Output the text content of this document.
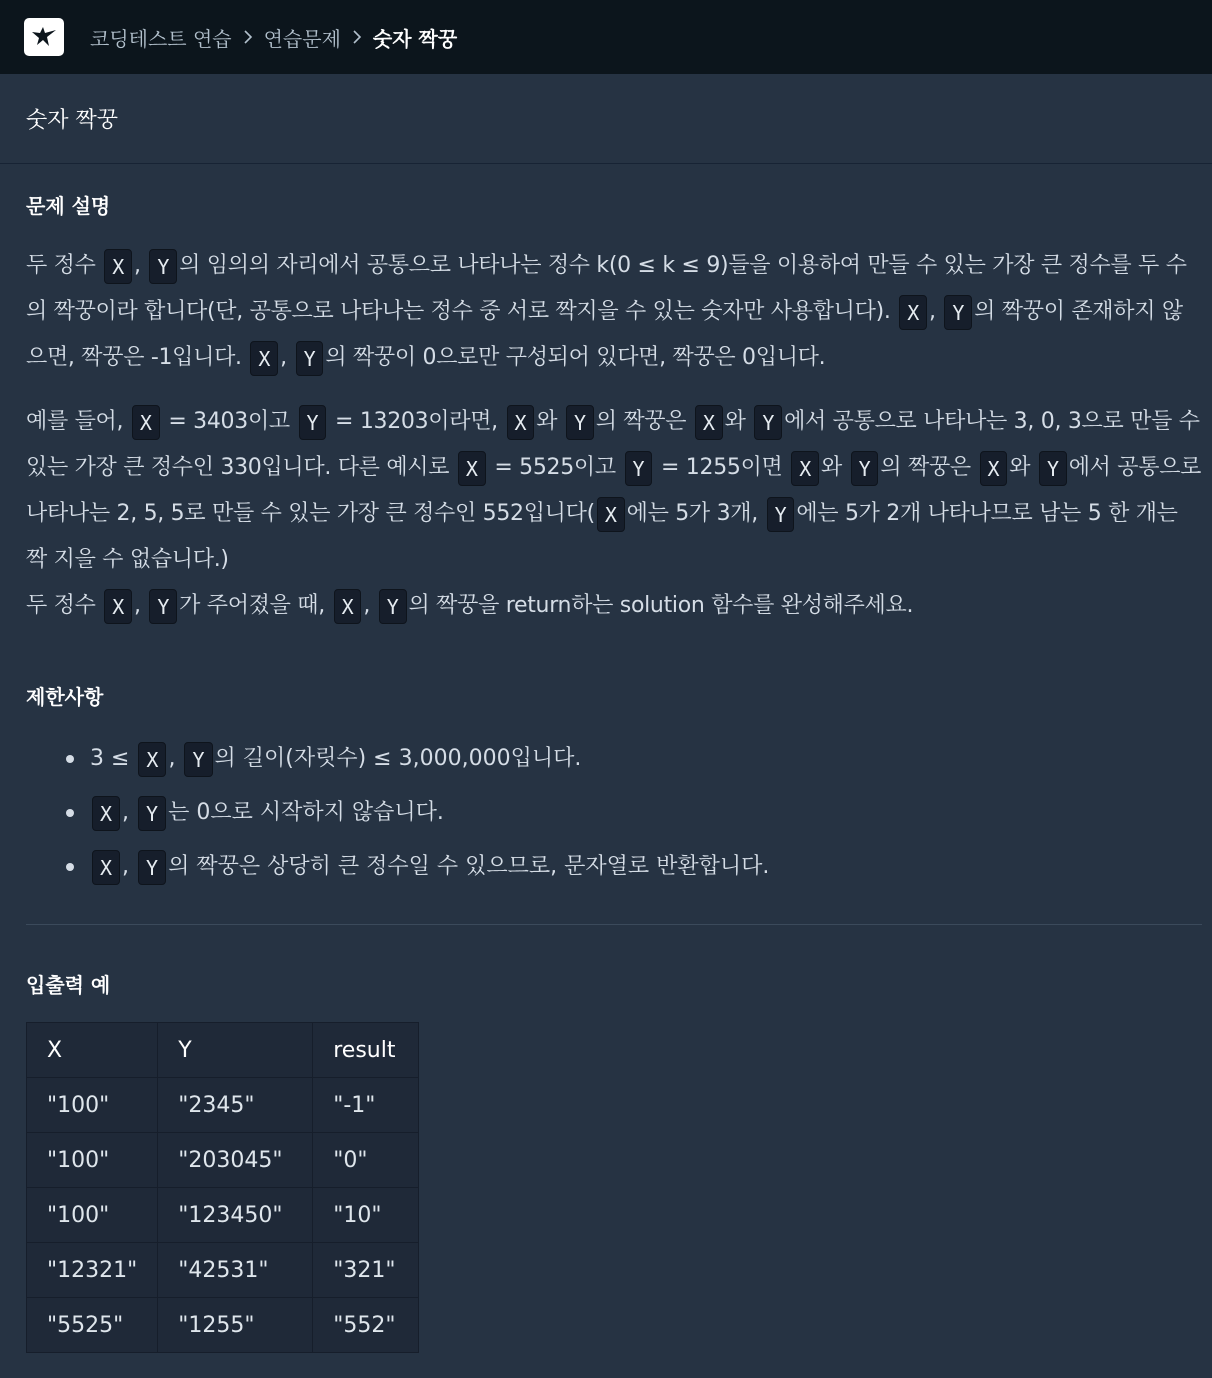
코딩테스트 연습 연습문제 숫자 짝꿍
숫자 짝꿍
문제 설명

두 정수 X , Y 의 임의의 자리에서 공통으로 나타나는 정수 k(0 ≤ k ≤ 9)들을 이용하여 만들 수 있는 가장 큰 정수를 두 수의 짝꿍이라 합니다(단, 공통으로 나타나는 정수 중 서로 짝지을 수 있는 숫자만 사용합니다). X , Y 의 짝꿍이 존재하지 않으면, 짝꿍은 -1입니다. X , Y 의 짝꿍이 0으로만 구성되어 있다면, 짝꿍은 0입니다.

예를 들어, X = 3403이고 Y = 13203이라면, X 와 Y 의 짝꿍은 X 와 Y 에서 공통으로 나타나는 3, 0, 3으로 만들 수 있는 가장 큰 정수인 330입니다. 다른 예시로 X = 5525이고 Y = 1255이면 X 와 Y 의 짝꿍은 X 와 Y 에서 공통으로 나타나는 2, 5, 5로 만들 수 있는 가장 큰 정수인 552입니다( X 에는 5가 3개, Y 에는 5가 2개 나타나므로 남는 5 한 개는 짝 지을 수 없습니다.)

두 정수 X , Y 가 주어졌을 때, X , Y 의 짝꿍을 return하는 solution 함수를 완성해주세요.

제한사항
3 ≤ X , Y 의 길이(자릿수) ≤ 3,000,000입니다.
X , Y 는 0으로 시작하지 않습니다.
X , Y 의 짝꿍은 상당히 큰 정수일 수 있으므로, 문자열로 반환합니다.
입출력 예
X	Y	result
"100"	"2345"	"-1"
"100"	"203045"	"0"
"100"	"123450"	"10"
"12321"	"42531"	"321"
"5525"	"1255"	"552"
